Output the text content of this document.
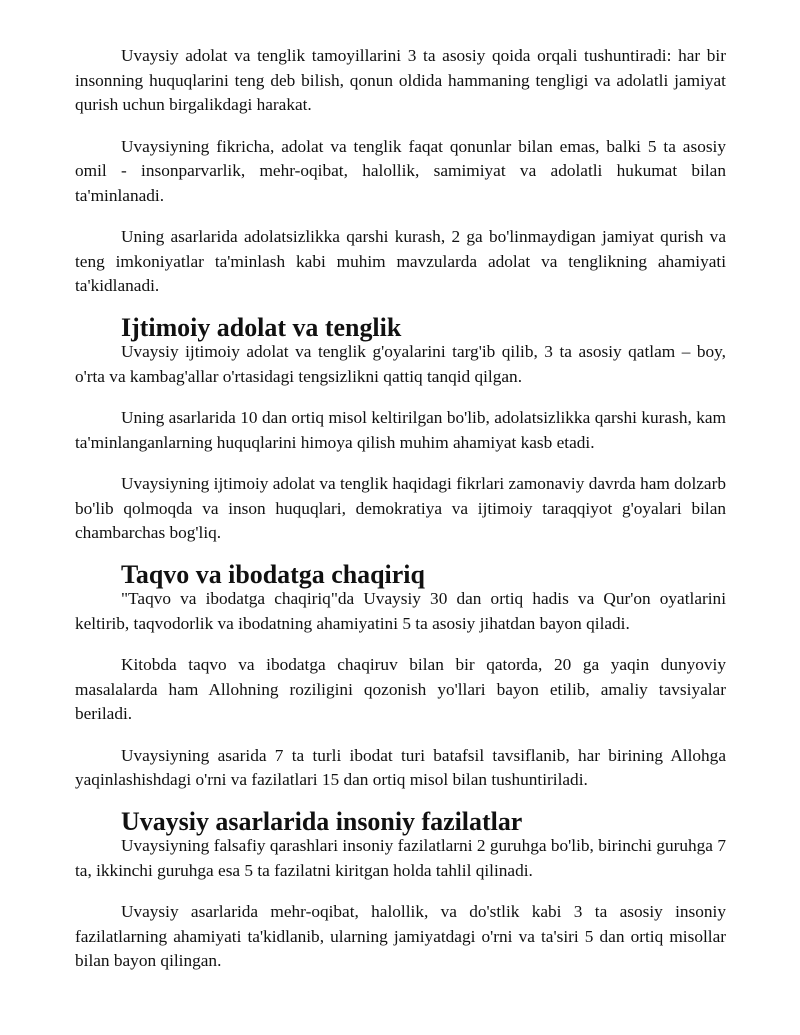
Uvaysiy adolat va tenglik tamoyillarini 3 ta asosiy qoida orqali tushuntiradi: har bir insonning huquqlarini teng deb bilish, qonun oldida hammaning tengligi va adolatli jamiyat qurish uchun birgalikdagi harakat.

Uvaysiyning fikricha, adolat va tenglik faqat qonunlar bilan emas, balki 5 ta asosiy omil - insonparvarlik, mehr-oqibat, halollik, samimiyat va adolatli hukumat bilan ta'minlanadi.

Uning asarlarida adolatsizlikka qarshi kurash, 2 ga bo'linmaydigan jamiyat qurish va teng imkoniyatlar ta'minlash kabi muhim mavzularda adolat va tenglikning ahamiyati ta'kidlanadi.

Ijtimoiy adolat va tenglik

Uvaysiy ijtimoiy adolat va tenglik g'oyalarini targ'ib qilib, 3 ta asosiy qatlam – boy, o'rta va kambag'allar o'rtasidagi tengsizlikni qattiq tanqid qilgan.

Uning asarlarida 10 dan ortiq misol keltirilgan bo'lib, adolatsizlikka qarshi kurash, kam ta'minlanganlarning huquqlarini himoya qilish muhim ahamiyat kasb etadi.

Uvaysiyning ijtimoiy adolat va tenglik haqidagi fikrlari zamonaviy davrda ham dolzarb bo'lib qolmoqda va inson huquqlari, demokratiya va ijtimoiy taraqqiyot g'oyalari bilan chambarchas bog'liq.

Taqvo va ibodatga chaqiriq

"Taqvo va ibodatga chaqiriq"da Uvaysiy 30 dan ortiq hadis va Qur'on oyatlarini keltirib, taqvodorlik va ibodatning ahamiyatini 5 ta asosiy jihatdan bayon qiladi.

Kitobda taqvo va ibodatga chaqiruv bilan bir qatorda, 20 ga yaqin dunyoviy masalalarda ham Allohning roziligini qozonish yo'llari bayon etilib, amaliy tavsiyalar beriladi.

Uvaysiyning asarida 7 ta turli ibodat turi batafsil tavsiflanib, har birining Allohga yaqinlashishdagi o'rni va fazilatlari 15 dan ortiq misol bilan tushuntiriladi.

Uvaysiy asarlarida insoniy fazilatlar

Uvaysiyning falsafiy qarashlari insoniy fazilatlarni 2 guruhga bo'lib, birinchi guruhga 7 ta, ikkinchi guruhga esa 5 ta fazilatni kiritgan holda tahlil qilinadi.

Uvaysiy asarlarida mehr-oqibat, halollik, va do'stlik kabi 3 ta asosiy insoniy fazilatlarning ahamiyati ta'kidlanib, ularning jamiyatdagi o'rni va ta'siri 5 dan ortiq misollar bilan bayon qilingan.
